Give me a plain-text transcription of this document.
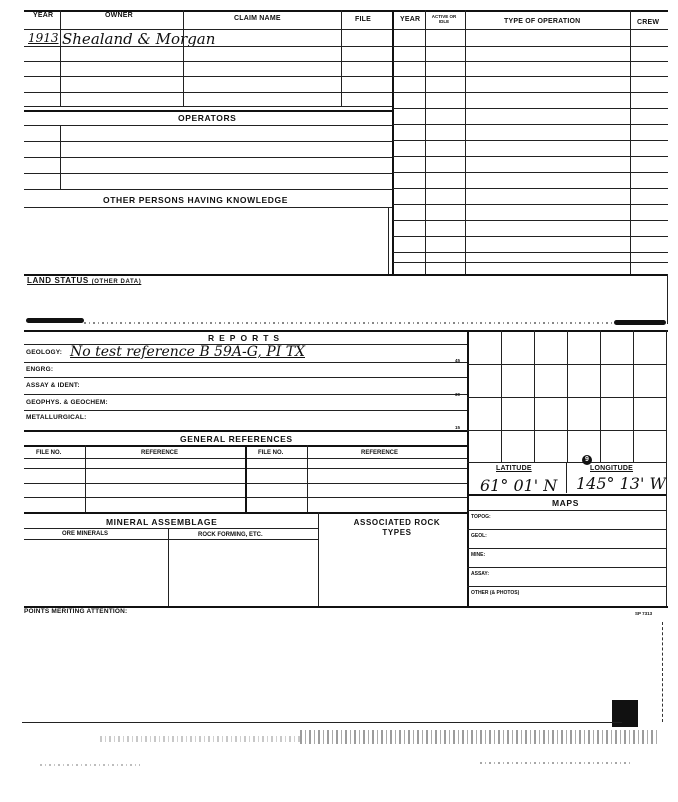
YEAR	OWNER	CLAIM NAME	FILE	YEAR	ACTIVE OR IDLE	TYPE OF OPERATION	CREW
1913 Shealand & Morgan
OPERATORS
OTHER PERSONS HAVING KNOWLEDGE
LAND STATUS (OTHER DATA)
REPORTS
GEOLOGY: No test reference B 59A-G, PI TX
ENGRG:
ASSAY & IDENT:
GEOPHYS. & GEOCHEM:
METALLURGICAL:
45
30
15
LATITUDE	LONGITUDE
9
61° 01' N 145° 13' W
MAPS
TOPOG:
GEOL:
MINE:
ASSAY:
OTHER (& PHOTOS)
GENERAL REFERENCES
FILE NO.	REFERENCE	FILE NO.	REFERENCE
MINERAL ASSEMBLAGE	ASSOCIATED ROCK TYPES
ORE MINERALS	ROCK FORMING, ETC.
POINTS MERITING ATTENTION:	SP 7313
